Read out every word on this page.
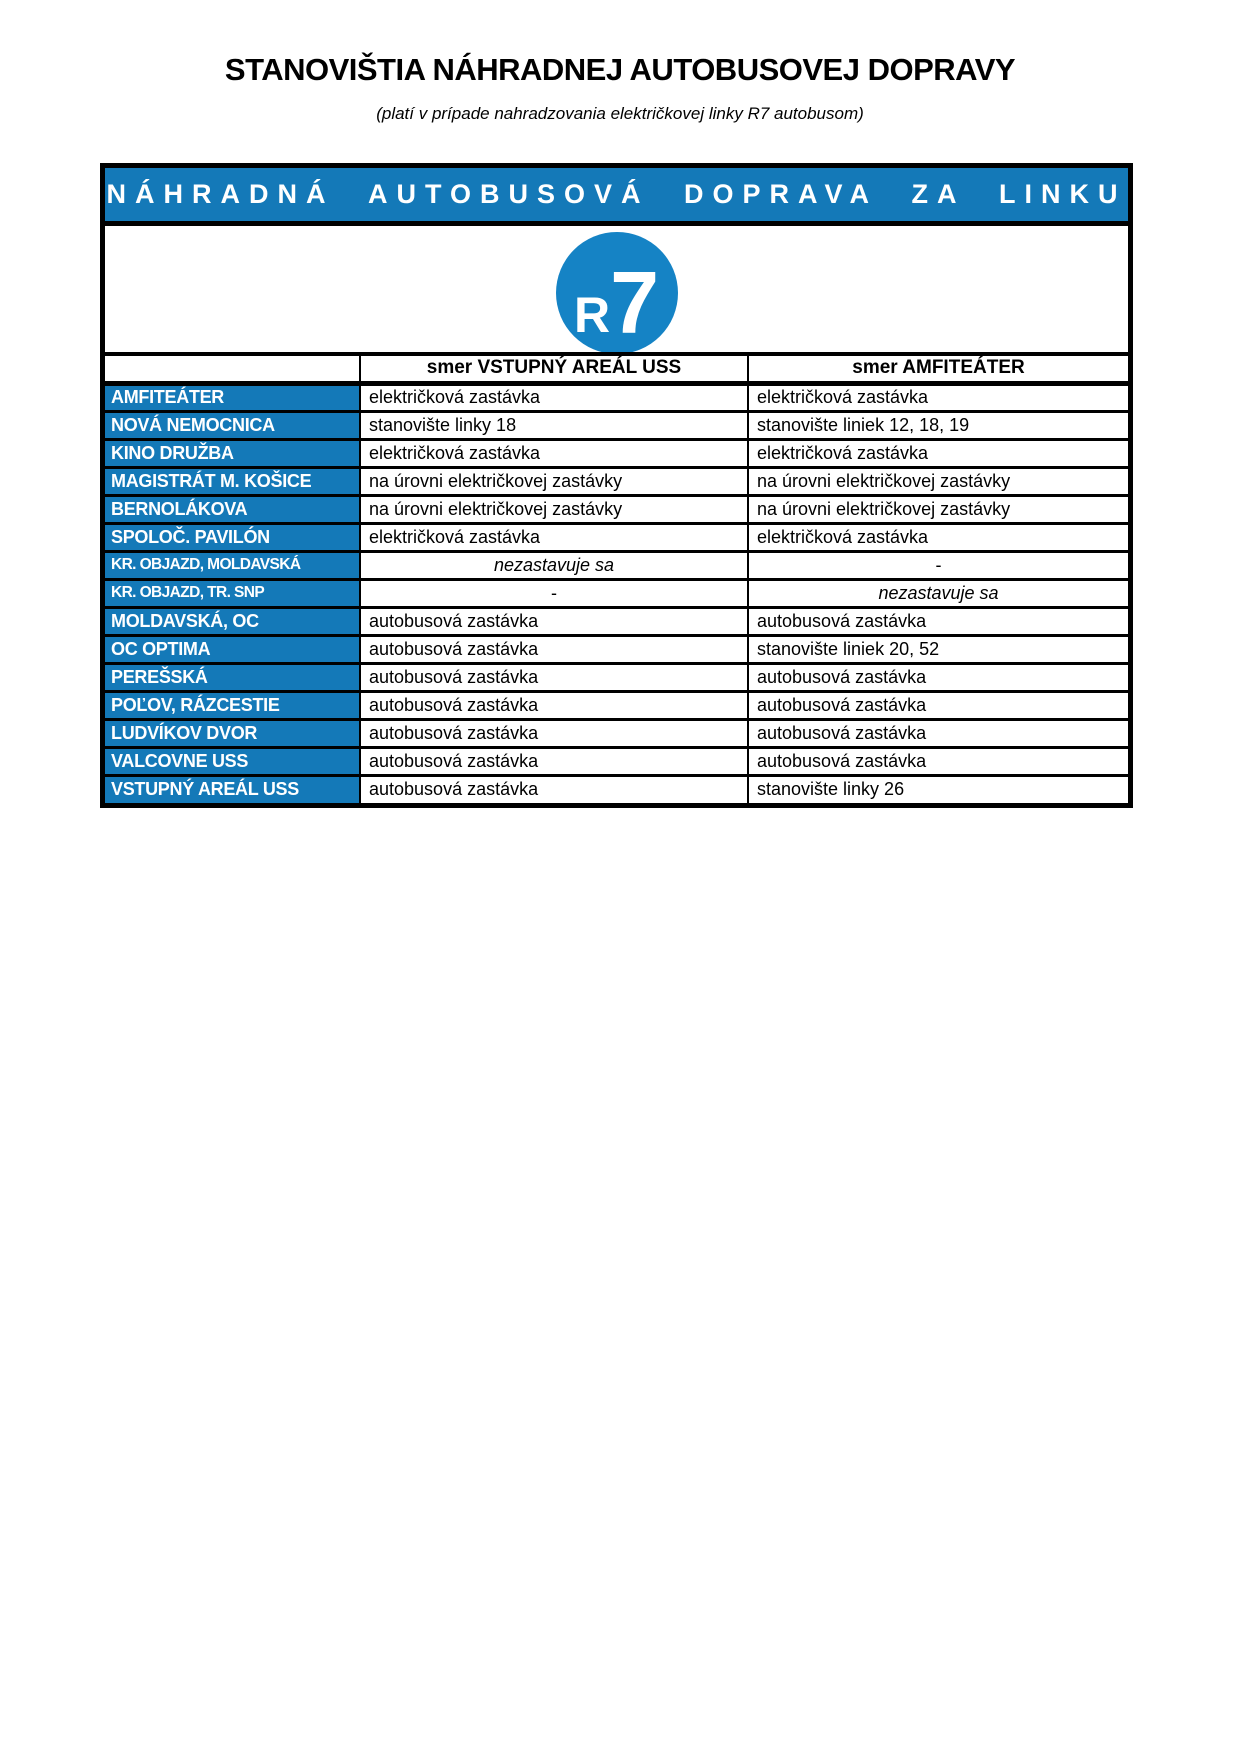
STANOVIŠTIA NÁHRADNEJ AUTOBUSOVEJ DOPRAVY

(platí v prípade nahradzovania električkovej linky R7 autobusom)

NÁHRADNÁ AUTOBUSOVÁ DOPRAVA ZA LINKU
R 7
	smer VSTUPNÝ AREÁL USS	smer AMFITEÁTER
AMFITEÁTER	električková zastávka	električková zastávka
NOVÁ NEMOCNICA	stanovište linky 18	stanovište liniek 12, 18, 19
KINO DRUŽBA	električková zastávka	električková zastávka
MAGISTRÁT M. KOŠICE	na úrovni električkovej zastávky	na úrovni električkovej zastávky
BERNOLÁKOVA	na úrovni električkovej zastávky	na úrovni električkovej zastávky
SPOLOČ. PAVILÓN	električková zastávka	električková zastávka
KR. OBJAZD, MOLDAVSKÁ	nezastavuje sa	-
KR. OBJAZD, TR. SNP	-	nezastavuje sa
MOLDAVSKÁ, OC	autobusová zastávka	autobusová zastávka
OC OPTIMA	autobusová zastávka	stanovište liniek 20, 52
PEREŠSKÁ	autobusová zastávka	autobusová zastávka
POĽOV, RÁZCESTIE	autobusová zastávka	autobusová zastávka
LUDVÍKOV DVOR	autobusová zastávka	autobusová zastávka
VALCOVNE USS	autobusová zastávka	autobusová zastávka
VSTUPNÝ AREÁL USS	autobusová zastávka	stanovište linky 26
